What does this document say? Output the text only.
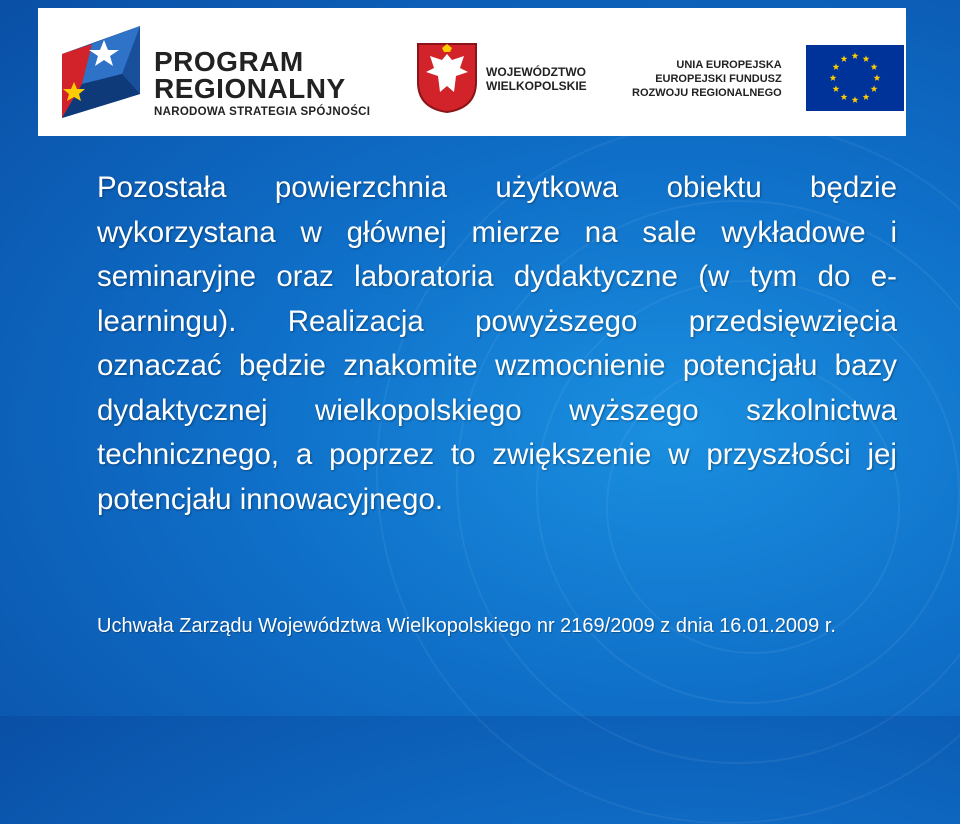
PROGRAM
REGIONALNY
NARODOWA STRATEGIA SPÓJNOŚCI
WOJEWÓDZTWO
WIELKOPOLSKIE
UNIA EUROPEJSKA
EUROPEJSKI FUNDUSZ
ROZWOJU REGIONALNEGO
Pozostała powierzchnia użytkowa obiektu będzie wykorzystana w głównej mierze na sale wykładowe i seminaryjne oraz laboratoria dydaktyczne (w tym do e-learningu). Realizacja powyższego przedsięwzięcia oznaczać będzie znakomite wzmocnienie potencjału bazy dydaktycznej wielkopolskiego wyższego szkolnictwa technicznego, a poprzez to zwiększenie w przyszłości jej potencjału innowacyjnego.
Uchwała Zarządu Województwa Wielkopolskiego nr 2169/2009 z dnia 16.01.2009 r.
